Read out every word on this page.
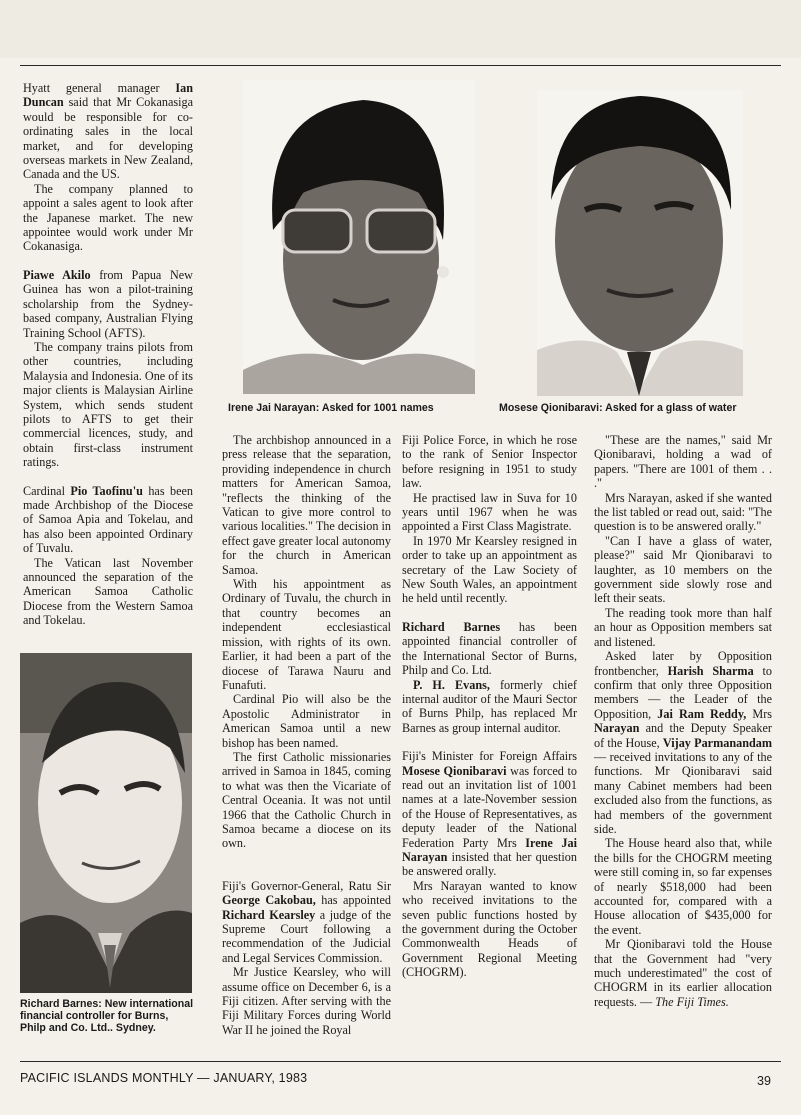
Hyatt general manager Ian Duncan said that Mr Cokanasiga would be responsible for co-ordinating sales in the local market, and for developing overseas markets in New Zealand, Canada and the US.

The company planned to appoint a sales agent to look after the Japanese market. The new appointee would work under Mr Cokanasiga.

Piawe Akilo from Papua New Guinea has won a pilot-training scholarship from the Sydney-based company, Australian Flying Training School (AFTS).

The company trains pilots from other countries, including Malaysia and Indonesia. One of its major clients is Malaysian Airline System, which sends student pilots to AFTS to get their commercial licences, study, and obtain first-class instrument ratings.

Cardinal Pio Taofinu'u has been made Archbishop of the Diocese of Samoa Apia and Tokelau, and has also been appointed Ordinary of Tuvalu.

The Vatican last November announced the separation of the American Samoa Catholic Diocese from the Western Samoa and Tokelau.

Richard Barnes: New international financial controller for Burns, Philp and Co. Ltd.. Sydney.
Irene Jai Narayan: Asked for 1001 names	Mosese Qionibaravi: Asked for a glass of water

The archbishop announced in a press release that the separation, providing independence in church matters for American Samoa, "reflects the thinking of the Vatican to give more control to various localities." The decision in effect gave greater local autonomy for the church in American Samoa.

With his appointment as Ordinary of Tuvalu, the church in that country becomes an independent ecclesiastical mission, with rights of its own. Earlier, it had been a part of the diocese of Tarawa Nauru and Funafuti.

Cardinal Pio will also be the Apostolic Administrator in American Samoa until a new bishop has been named.

The first Catholic missionaries arrived in Samoa in 1845, coming to what was then the Vicariate of Central Oceania. It was not until 1966 that the Catholic Church in Samoa became a diocese on its own.

Fiji's Governor-General, Ratu Sir George Cakobau, has appointed Richard Kearsley a judge of the Supreme Court following a recommendation of the Judicial and Legal Services Commission.

Mr Justice Kearsley, who will assume office on December 6, is a Fiji citizen. After serving with the Fiji Military Forces during World War II he joined the Royal

Fiji Police Force, in which he rose to the rank of Senior Inspector before resigning in 1951 to study law.

He practised law in Suva for 10 years until 1967 when he was appointed a First Class Magistrate.

In 1970 Mr Kearsley resigned in order to take up an appointment as secretary of the Law Society of New South Wales, an appointment he held until recently.

Richard Barnes has been appointed financial controller of the International Sector of Burns, Philp and Co. Ltd.

P. H. Evans, formerly chief internal auditor of the Mauri Sector of Burns Philp, has replaced Mr Barnes as group internal auditor.

Fiji's Minister for Foreign Affairs Mosese Qionibaravi was forced to read out an invitation list of 1001 names at a late-November session of the House of Representatives, as deputy leader of the National Federation Party Mrs Irene Jai Narayan insisted that her question be answered orally.

Mrs Narayan wanted to know who received invitations to the seven public functions hosted by the government during the October Commonwealth Heads of Government Regional Meeting (CHOGRM).

"These are the names," said Mr Qionibaravi, holding a wad of papers. "There are 1001 of them . . ."

Mrs Narayan, asked if she wanted the list tabled or read out, said: "The question is to be answered orally."

"Can I have a glass of water, please?" said Mr Qionibaravi to laughter, as 10 members on the government side slowly rose and left their seats.

The reading took more than half an hour as Opposition members sat and listened.

Asked later by Opposition frontbencher, Harish Sharma to confirm that only three Opposition members — the Leader of the Opposition, Jai Ram Reddy, Mrs Narayan and the Deputy Speaker of the House, Vijay Parmanandam — received invitations to any of the functions. Mr Qionibaravi said many Cabinet members had been excluded also from the functions, as had members of the government side.

The House heard also that, while the bills for the CHOGRM meeting were still coming in, so far expenses of nearly $518,000 had been accounted for, compared with a House allocation of $435,000 for the event.

Mr Qionibaravi told the House that the Government had "very much underestimated" the cost of CHOGRM in its earlier allocation requests. — The Fiji Times.

PACIFIC ISLANDS MONTHLY — JANUARY, 1983	39
